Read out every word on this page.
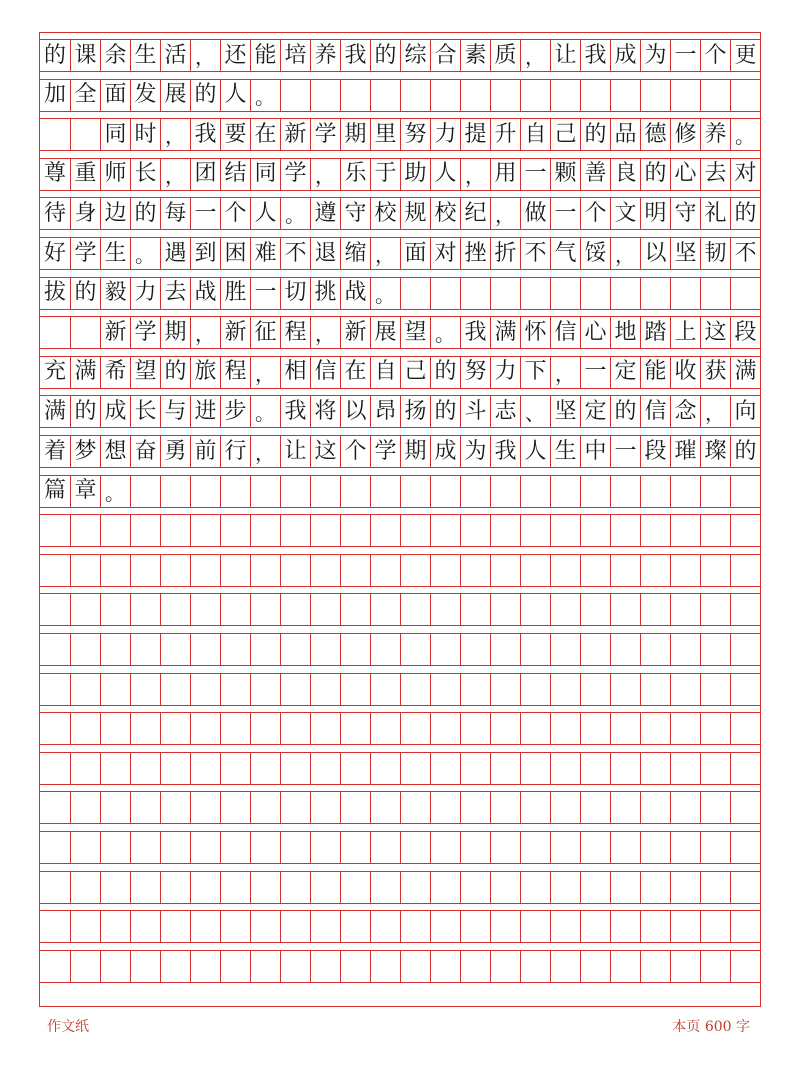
的 课 余 生 活 ， 还 能 培 养 我 的 综 合 素 质 ， 让 我 成 为 一 个 更
加 全 面 发 展 的 人 。
同 时 ， 我 要 在 新 学 期 里 努 力 提 升 自 己 的 品 德 修 养 。
尊 重 师 长 ， 团 结 同 学 ， 乐 于 助 人 ， 用 一 颗 善 良 的 心 去 对
待 身 边 的 每 一 个 人 。 遵 守 校 规 校 纪 ， 做 一 个 文 明 守 礼 的
好 学 生 。 遇 到 困 难 不 退 缩 ， 面 对 挫 折 不 气 馁 ， 以 坚 韧 不
拔 的 毅 力 去 战 胜 一 切 挑 战 。
新 学 期 ， 新 征 程 ， 新 展 望 。 我 满 怀 信 心 地 踏 上 这 段
充 满 希 望 的 旅 程 ， 相 信 在 自 己 的 努 力 下 ， 一 定 能 收 获 满
满 的 成 长 与 进 步 。 我 将 以 昂 扬 的 斗 志 、 坚 定 的 信 念 ， 向
着 梦 想 奋 勇 前 行 ， 让 这 个 学 期 成 为 我 人 生 中 一 段 璀 璨 的
篇 章 。
作文纸	本页 600 字
